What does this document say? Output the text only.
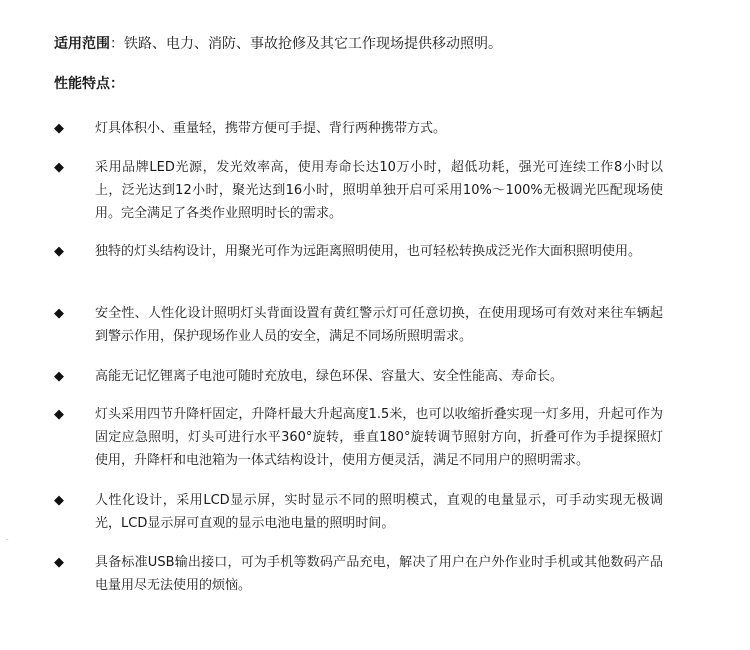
适用范围：铁路、电力、消防、事故抢修及其它工作现场提供移动照明。
性能特点：
◆ 灯具体积小、重量轻，携带方便可手提、背行两种携带方式。
◆ 采用品牌LED光源，发光效率高，使用寿命长达10万小时，超低功耗，强光可连续工作8小时以上，泛光达到12小时，聚光达到16小时，照明单独开启可采用10%～100%无极调光匹配现场使用。完全满足了各类作业照明时长的需求。
◆ 独特的灯头结构设计，用聚光可作为远距离照明使用，也可轻松转换成泛光作大面积照明使用。
◆ 安全性、人性化设计照明灯头背面设置有黄红警示灯可任意切换，在使用现场可有效对来往车辆起到警示作用，保护现场作业人员的安全，满足不同场所照明需求。
◆ 高能无记忆锂离子电池可随时充放电，绿色环保、容量大、安全性能高、寿命长。
◆ 灯头采用四节升降杆固定，升降杆最大升起高度1.5米，也可以收缩折叠实现一灯多用，升起可作为固定应急照明，灯头可进行水平360°旋转，垂直180°旋转调节照射方向，折叠可作为手提探照灯使用，升降杆和电池箱为一体式结构设计，使用方便灵活，满足不同用户的照明需求。
◆ 人性化设计，采用LCD显示屏，实时显示不同的照明模式，直观的电量显示，可手动实现无极调光，LCD显示屏可直观的显示电池电量的照明时间。
◆ 具备标准USB输出接口，可为手机等数码产品充电，解决了用户在户外作业时手机或其他数码产品电量用尽无法使用的烦恼。
-
